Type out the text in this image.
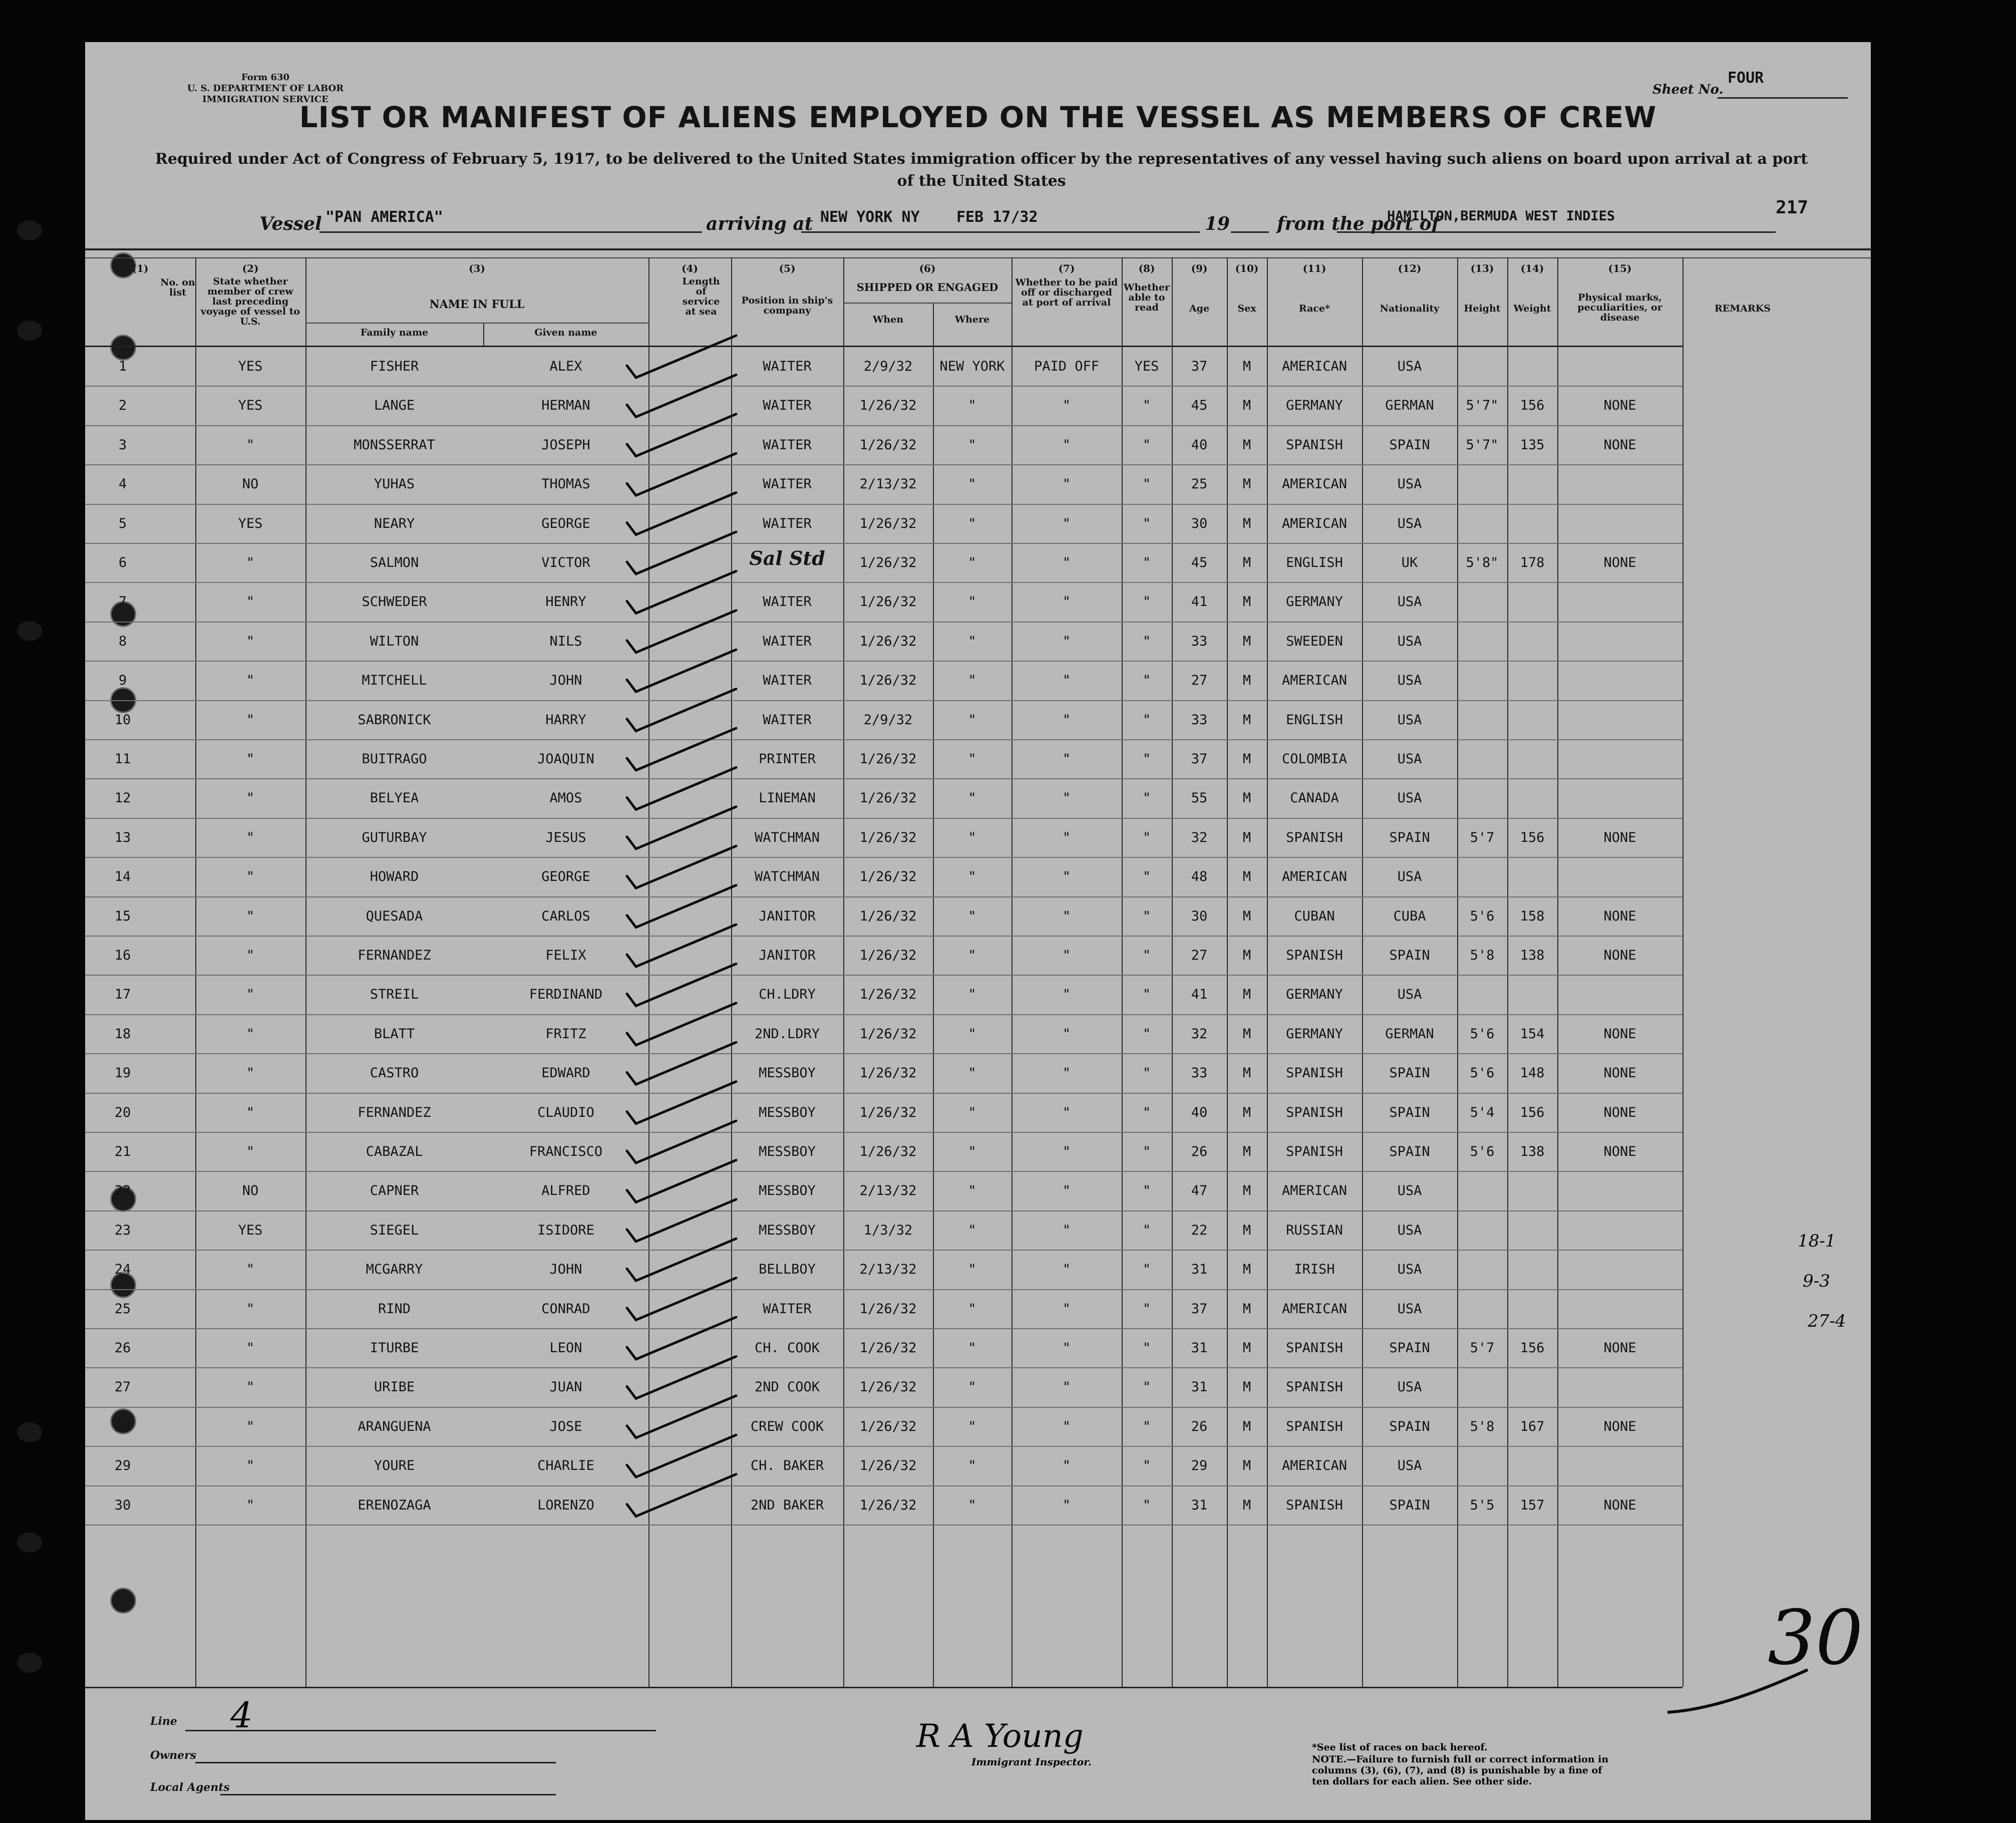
Form 630
U. S. DEPARTMENT OF LABOR
IMMIGRATION SERVICE
Sheet No.
FOUR
LIST OR MANIFEST OF ALIENS EMPLOYED ON THE VESSEL AS MEMBERS OF CREW
Required under Act of Congress of February 5, 1917, to be delivered to the United States immigration officer by the representatives of any vessel having such aliens on board upon arrival at a port of the United States
Vessel "PAN AMERICA"	arriving at NEW YORK NY FEB 17/32	19	from the port of
HAMILTON,BERMUDA WEST INDIES	217
(1)
No. on list
(2)
State whether member of crew last preceding voyage of vessel to U.S.
(3)
NAME IN FULL
Family name	Given name
(4)
Length of service at sea
(5)
Position in ship's company
(6)
SHIPPED OR ENGAGED
When	Where
(7)
Whether to be paid off or discharged at port of arrival
(8)
Whether able to read
(9)
Age
(10)
Sex
(11)
Race*
(12)
Nationality
(13)
Height
(14)
Weight
(15)
Physical marks, peculiarities, or disease
REMARKS
1	YES	FISHER	ALEX	WAITER	2/9/32	NEW YORK	PAID OFF	YES	37	M	AMERICAN	USA
2	YES	LANGE	HERMAN	WAITER	1/26/32	"	"	"	45	M	GERMANY	GERMAN	5'7"	156	NONE
3	"	MONSSERRAT	JOSEPH	WAITER	1/26/32	"	"	"	40	M	SPANISH	SPAIN	5'7"	135	NONE
4	NO	YUHAS	THOMAS	WAITER	2/13/32	"	"	"	25	M	AMERICAN	USA
5	YES	NEARY	GEORGE	WAITER	1/26/32	"	"	"	30	M	AMERICAN	USA
6	"	SALMON	VICTOR	Sal Std	1/26/32	"	"	"	45	M	ENGLISH	UK	5'8"	178	NONE
7	"	SCHWEDER	HENRY	WAITER	1/26/32	"	"	"	41	M	GERMANY	USA
8	"	WILTON	NILS	WAITER	1/26/32	"	"	"	33	M	SWEEDEN	USA
9	"	MITCHELL	JOHN	WAITER	1/26/32	"	"	"	27	M	AMERICAN	USA
10	"	SABRONICK	HARRY	WAITER	2/9/32	"	"	"	33	M	ENGLISH	USA
11	"	BUITRAGO	JOAQUIN	PRINTER	1/26/32	"	"	"	37	M	COLOMBIA	USA
12	"	BELYEA	AMOS	LINEMAN	1/26/32	"	"	"	55	M	CANADA	USA
13	"	GUTURBAY	JESUS	WATCHMAN	1/26/32	"	"	"	32	M	SPANISH	SPAIN	5'7	156	NONE
14	"	HOWARD	GEORGE	WATCHMAN	1/26/32	"	"	"	48	M	AMERICAN	USA
15	"	QUESADA	CARLOS	JANITOR	1/26/32	"	"	"	30	M	CUBAN	CUBA	5'6	158	NONE
16	"	FERNANDEZ	FELIX	JANITOR	1/26/32	"	"	"	27	M	SPANISH	SPAIN	5'8	138	NONE
17	"	STREIL	FERDINAND	CH.LDRY	1/26/32	"	"	"	41	M	GERMANY	USA
18	"	BLATT	FRITZ	2ND.LDRY	1/26/32	"	"	"	32	M	GERMANY	GERMAN	5'6	154	NONE
19	"	CASTRO	EDWARD	MESSBOY	1/26/32	"	"	"	33	M	SPANISH	SPAIN	5'6	148	NONE
20	"	FERNANDEZ	CLAUDIO	MESSBOY	1/26/32	"	"	"	40	M	SPANISH	SPAIN	5'4	156	NONE
21	"	CABAZAL	FRANCISCO	MESSBOY	1/26/32	"	"	"	26	M	SPANISH	SPAIN	5'6	138	NONE
22	NO	CAPNER	ALFRED	MESSBOY	2/13/32	"	"	"	47	M	AMERICAN	USA
23	YES	SIEGEL	ISIDORE	MESSBOY	1/3/32	"	"	"	22	M	RUSSIAN	USA
24	"	MCGARRY	JOHN	BELLBOY	2/13/32	"	"	"	31	M	IRISH	USA
25	"	RIND	CONRAD	WAITER	1/26/32	"	"	"	37	M	AMERICAN	USA
26	"	ITURBE	LEON	CH. COOK	1/26/32	"	"	"	31	M	SPANISH	SPAIN	5'7	156	NONE
27	"	URIBE	JUAN	2ND COOK	1/26/32	"	"	"	31	M	SPANISH	USA
28	"	ARANGUENA	JOSE	CREW COOK	1/26/32	"	"	"	26	M	SPANISH	SPAIN	5'8	167	NONE
29	"	YOURE	CHARLIE	CH. BAKER	1/26/32	"	"	"	29	M	AMERICAN	USA
30	"	ERENOZAGA	LORENZO	2ND BAKER	1/26/32	"	"	"	31	M	SPANISH	SPAIN	5'5	157	NONE
30
18-1
9-3
27-4
Line 4
Owners
Local Agents
R A Young
Immigrant Inspector.
*See list of races on back hereof.
NOTE.—Failure to furnish full or correct information in columns (3), (6), (7), and (8) is punishable by a fine of ten dollars for each alien. See other side.
